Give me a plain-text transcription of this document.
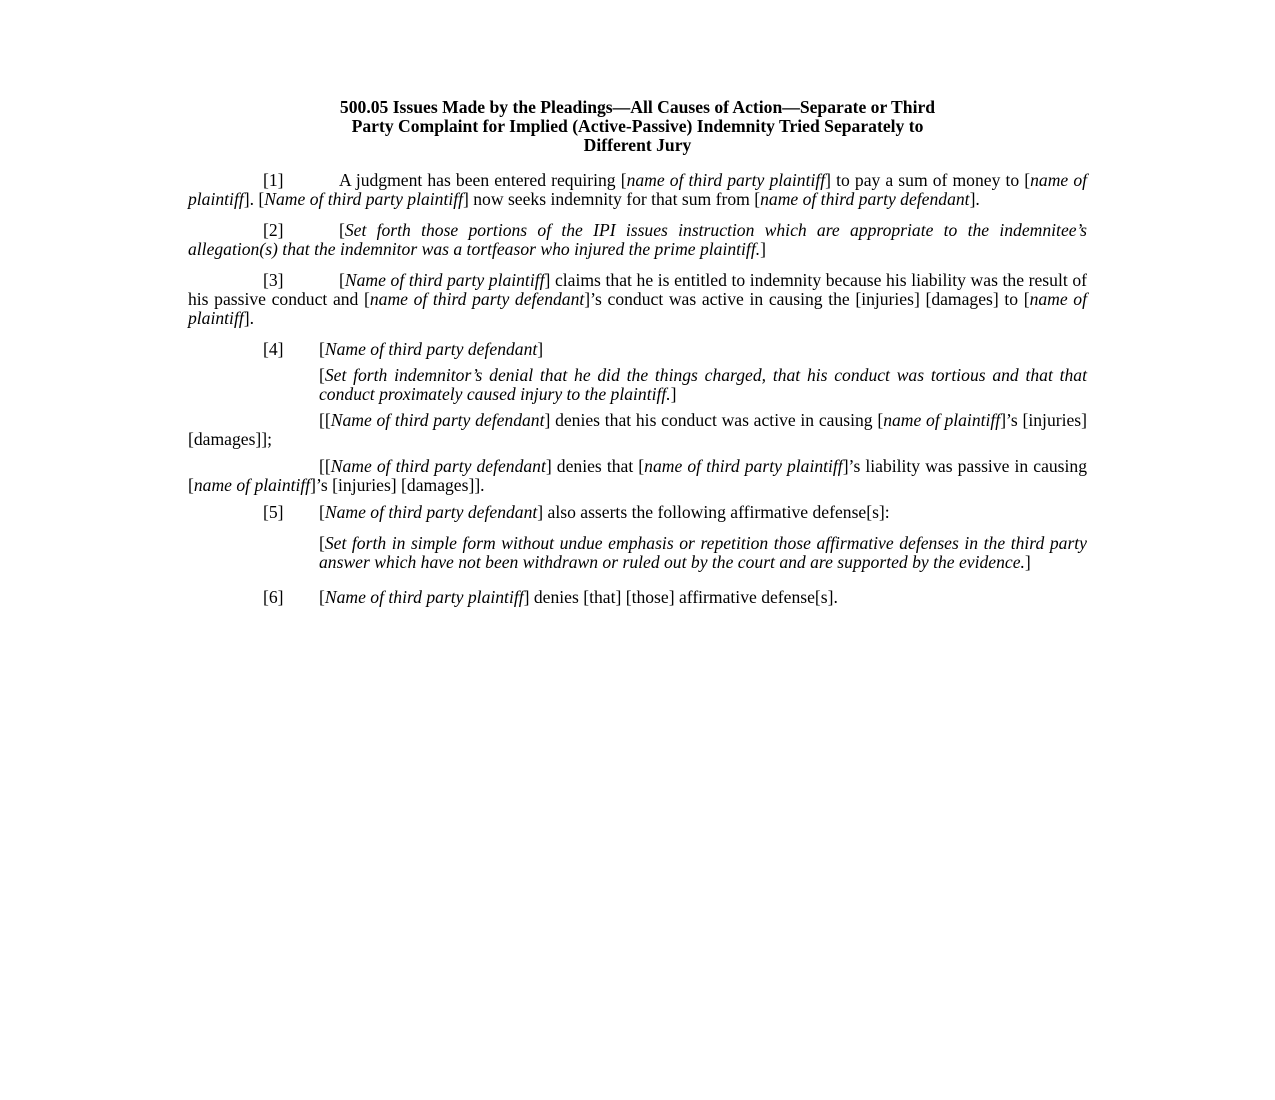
500.05 Issues Made by the Pleadings—All Causes of Action—Separate or Third
Party Complaint for Implied (Active-Passive) Indemnity Tried Separately to
Different Jury

[1]	A judgment has been entered requiring [name of third party plaintiff] to pay a sum of money to [name of plaintiff]. [Name of third party plaintiff] now seeks indemnity for that sum from [name of third party defendant].

[2]	[Set forth those portions of the IPI issues instruction which are appropriate to the indemnitee’s allegation(s) that the indemnitor was a tortfeasor who injured the prime plaintiff.]

[3]	[Name of third party plaintiff] claims that he is entitled to indemnity because his liability was the result of his passive conduct and [name of third party defendant]’s conduct was active in causing the [injuries] [damages] to [name of plaintiff].

[4] [Name of third party defendant]

[Set forth indemnitor’s denial that he did the things charged, that his conduct was tortious and that that conduct proximately caused injury to the plaintiff.]

[[Name of third party defendant] denies that his conduct was active in causing [name of plaintiff]’s [injuries] [damages]];

[[Name of third party defendant] denies that [name of third party plaintiff]’s liability was passive in causing [name of plaintiff]’s [injuries] [damages]].

[5] [Name of third party defendant] also asserts the following affirmative defense[s]:

[Set forth in simple form without undue emphasis or repetition those affirmative defenses in the third party answer which have not been withdrawn or ruled out by the court and are supported by the evidence.]

[6] [Name of third party plaintiff] denies [that] [those] affirmative defense[s].
